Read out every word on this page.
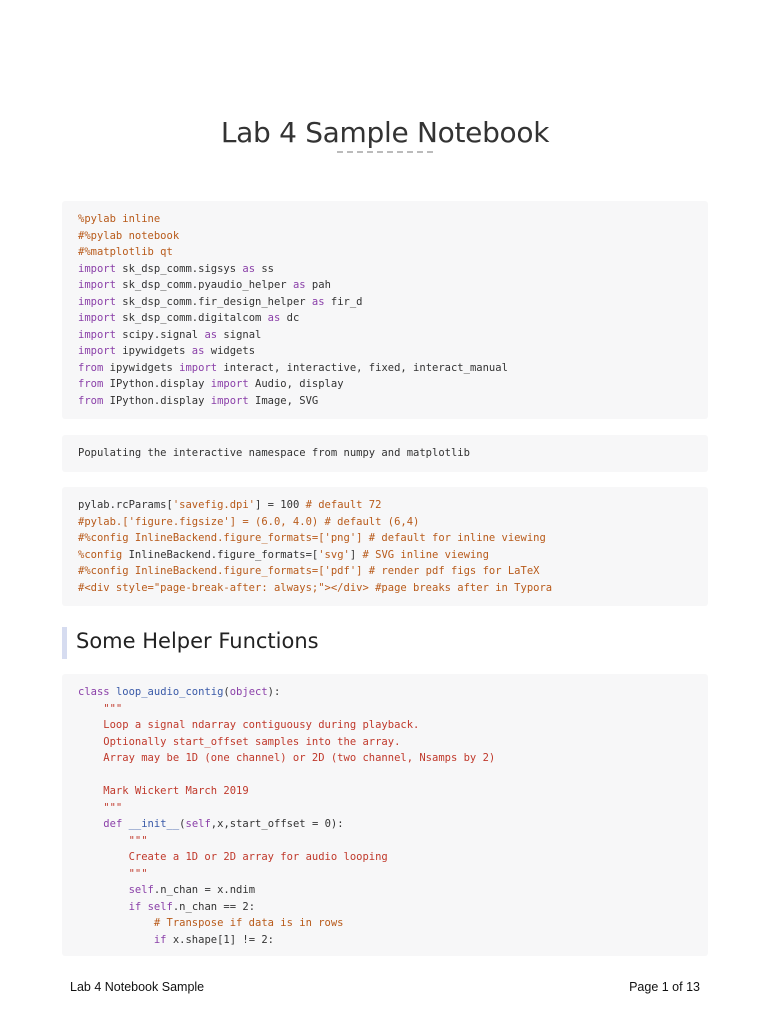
Lab 4 Sample Notebook
%pylab inline
#%pylab notebook
#%matplotlib qt
import sk_dsp_comm.sigsys as ss
import sk_dsp_comm.pyaudio_helper as pah
import sk_dsp_comm.fir_design_helper as fir_d
import sk_dsp_comm.digitalcom as dc
import scipy.signal as signal
import ipywidgets as widgets
from ipywidgets import interact, interactive, fixed, interact_manual
from IPython.display import Audio, display
from IPython.display import Image, SVG
Populating the interactive namespace from numpy and matplotlib
pylab.rcParams['savefig.dpi'] = 100 # default 72
#pylab.['figure.figsize'] = (6.0, 4.0) # default (6,4)
#%config InlineBackend.figure_formats=['png'] # default for inline viewing
%config InlineBackend.figure_formats=['svg'] # SVG inline viewing
#%config InlineBackend.figure_formats=['pdf'] # render pdf figs for LaTeX
#<div style="page-break-after: always;"></div> #page breaks after in Typora
Some Helper Functions
class loop_audio_contig(object):
"""
Loop a signal ndarray contiguousy during playback.
Optionally start_offset samples into the array.
Array may be 1D (one channel) or 2D (two channel, Nsamps by 2)

Mark Wickert March 2019
"""
def __init__(self,x,start_offset = 0):
"""
Create a 1D or 2D array for audio looping
"""
self.n_chan = x.ndim
if self.n_chan == 2:
# Transpose if data is in rows
if x.shape[1] != 2:
Lab 4 Notebook Sample	Page 1 of 13
